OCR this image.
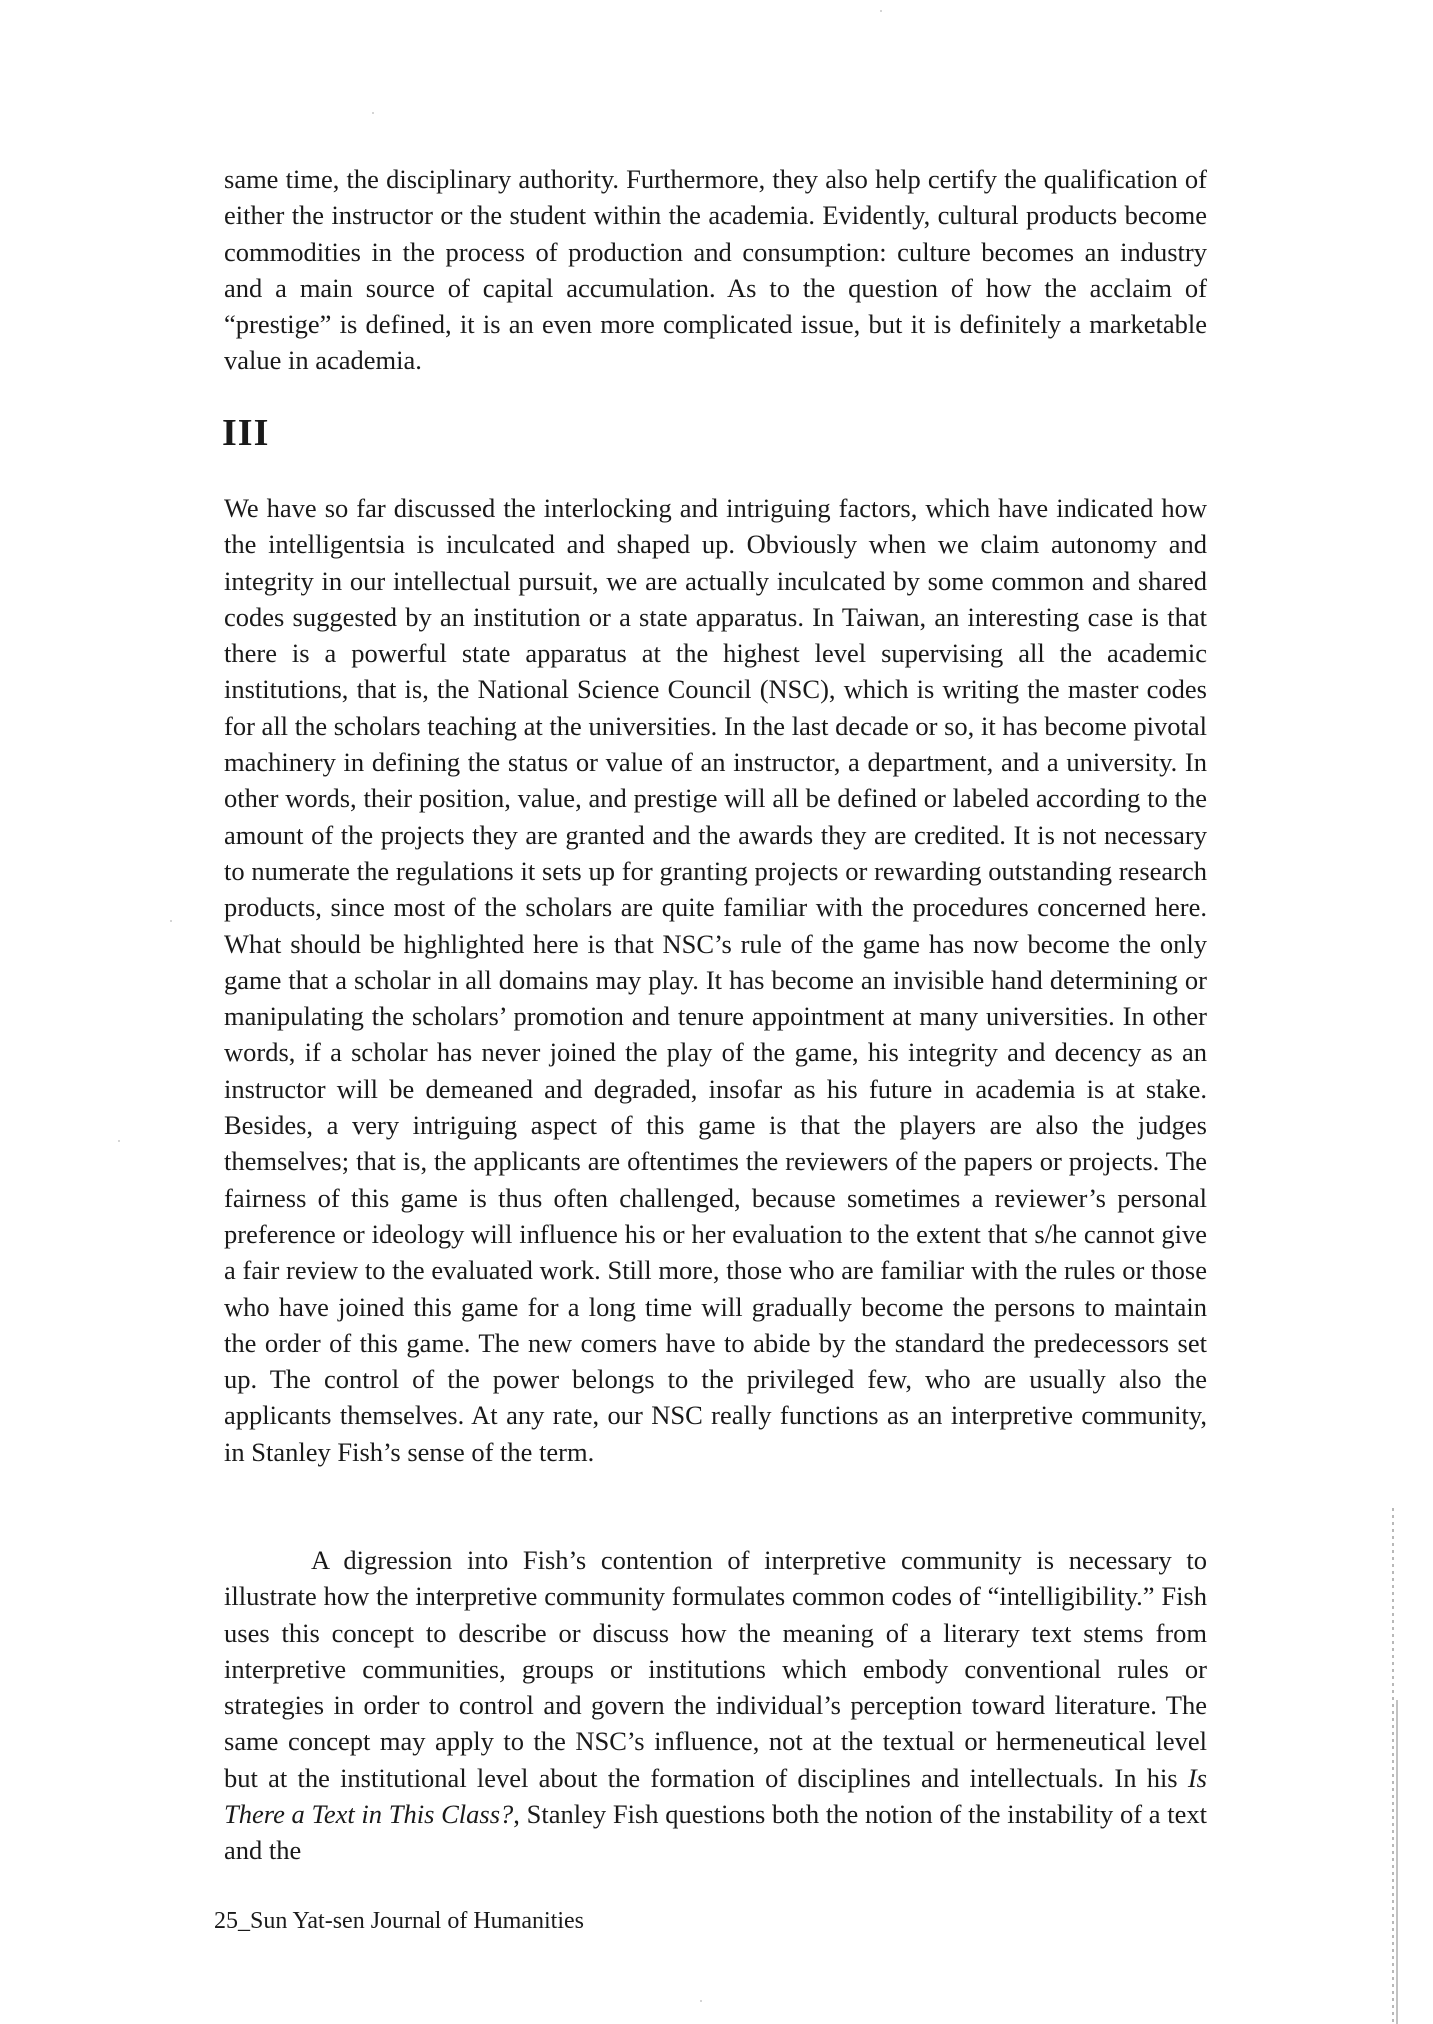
same time, the disciplinary authority. Furthermore, they also help certify the qualification of either the instructor or the student within the academia. Evidently, cultural products become commodities in the process of production and consumption: culture becomes an industry and a main source of capital accumulation. As to the question of how the acclaim of “prestige” is defined, it is an even more complicated issue, but it is definitely a marketable value in academia.

III

We have so far discussed the interlocking and intriguing factors, which have indicated how the intelligentsia is inculcated and shaped up. Obviously when we claim autonomy and integrity in our intellectual pursuit, we are actually inculcated by some common and shared codes suggested by an institution or a state apparatus. In Taiwan, an interesting case is that there is a powerful state apparatus at the highest level supervising all the academic institutions, that is, the National Science Council (NSC), which is writing the master codes for all the scholars teaching at the universities. In the last decade or so, it has become pivotal machinery in defining the status or value of an instructor, a department, and a university. In other words, their position, value, and prestige will all be defined or labeled according to the amount of the projects they are granted and the awards they are credited. It is not necessary to numerate the regulations it sets up for granting projects or rewarding outstanding research products, since most of the scholars are quite familiar with the procedures concerned here. What should be highlighted here is that NSC’s rule of the game has now become the only game that a scholar in all domains may play. It has become an invisible hand determining or manipulating the scholars’ promotion and tenure appointment at many universities. In other words, if a scholar has never joined the play of the game, his integrity and decency as an instructor will be demeaned and degraded, insofar as his future in academia is at stake. Besides, a very intriguing aspect of this game is that the players are also the judges themselves; that is, the applicants are oftentimes the reviewers of the papers or projects. The fairness of this game is thus often challenged, because sometimes a reviewer’s personal preference or ideology will influence his or her evaluation to the extent that s/he cannot give a fair review to the evaluated work. Still more, those who are familiar with the rules or those who have joined this game for a long time will gradually become the persons to maintain the order of this game. The new comers have to abide by the standard the predecessors set up. The control of the power belongs to the privileged few, who are usually also the applicants themselves. At any rate, our NSC really functions as an interpretive community, in Stanley Fish’s sense of the term.

A digression into Fish’s contention of interpretive community is necessary to illustrate how the interpretive community formulates common codes of “intelligibility.” Fish uses this concept to describe or discuss how the meaning of a literary text stems from interpretive communities, groups or institutions which embody conventional rules or strategies in order to control and govern the individual’s perception toward literature. The same concept may apply to the NSC’s influence, not at the textual or hermeneutical level but at the institutional level about the formation of disciplines and intellectuals. In his Is There a Text in This Class?, Stanley Fish questions both the notion of the instability of a text and the

25_Sun Yat-sen Journal of Humanities
